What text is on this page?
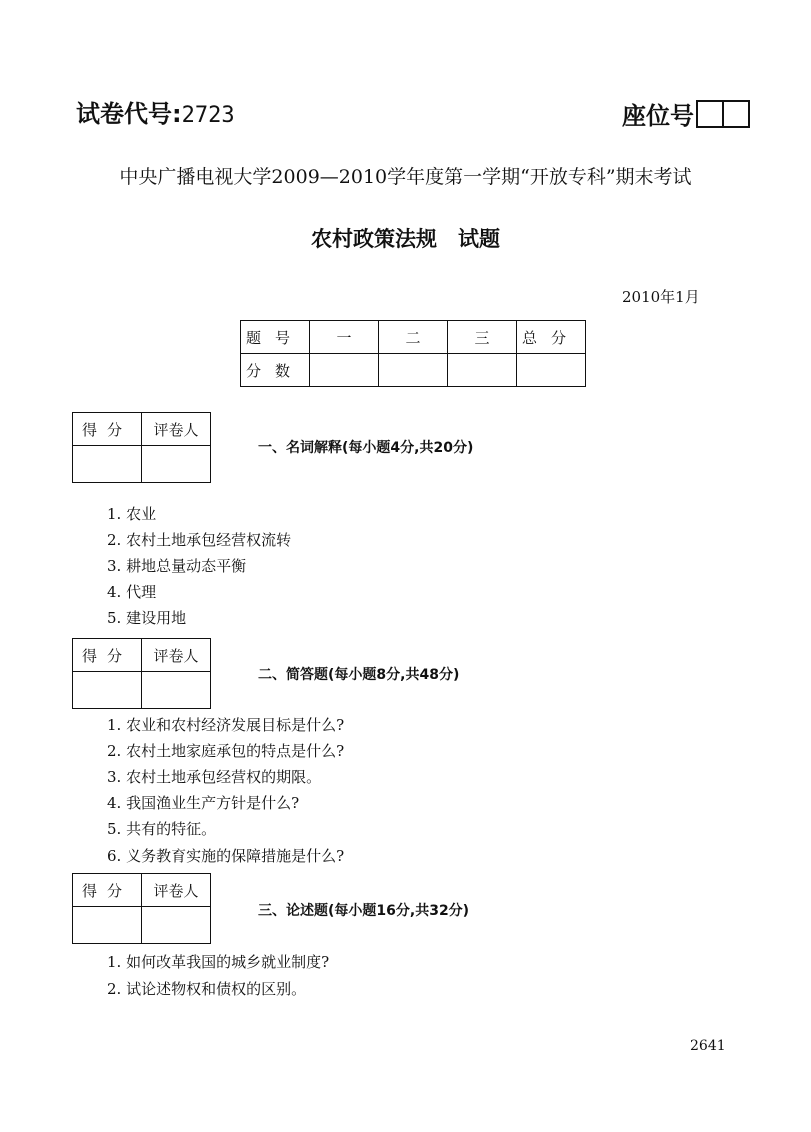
试卷代号:2723	座位号
中央广播电视大学2009—2010学年度第一学期“开放专科”期末考试
农村政策法规　试题
2010年1月
题号	一	二	三	总分
分数				
得分	评卷人

一、名词解释(每小题4分,共20分)
1. 农业
2. 农村土地承包经营权流转
3. 耕地总量动态平衡
4. 代理
5. 建设用地
得分	评卷人

二、简答题(每小题8分,共48分)
1. 农业和农村经济发展目标是什么?
2. 农村土地家庭承包的特点是什么?
3. 农村土地承包经营权的期限。
4. 我国渔业生产方针是什么?
5. 共有的特征。
6. 义务教育实施的保障措施是什么?
得分	评卷人

三、论述题(每小题16分,共32分)
1. 如何改革我国的城乡就业制度?
2. 试论述物权和债权的区别。
2641
